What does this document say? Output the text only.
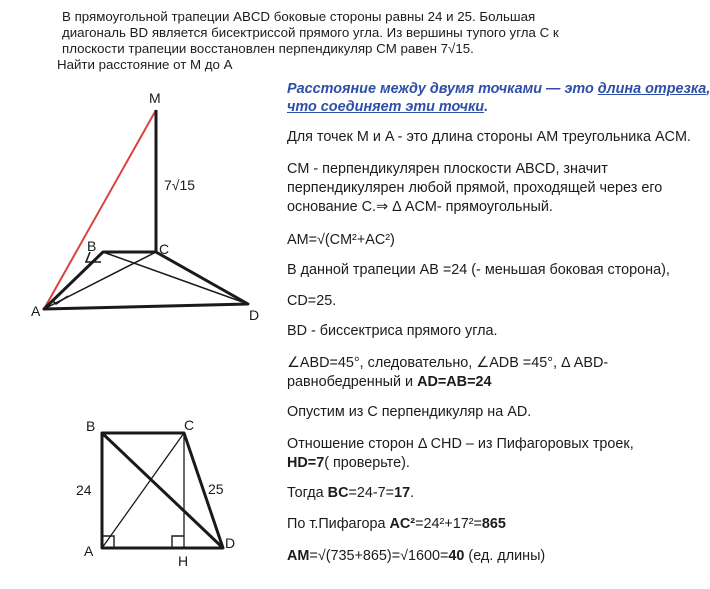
В прямоугольной трапеции ABCD боковые стороны равны 24 и 25. Большая
диагональ BD является бисектриссой прямого угла. Из вершины тупого угла C к
плоскости трапеции восстановлен перпендикуляр CM равен 7√15.
Найти расстояние от M до A
M
B	C
A	D
7√15
Расстояние между двумя точками — это длина отрезка,
что соединяет эти точки.
Для точек M и A - это длина стороны AM треугольника ACM.
CM - перпендикулярен плоскости ABCD, значит
перпендикулярен любой прямой, проходящей через его
основание C.⇒ Δ ACM- прямоугольный.
AM=√(CM²+AC²)
В данной трапеции AB =24 (- меньшая боковая сторона),
CD=25.
BD - биссектриса прямого угла.
∠ABD=45°, следовательно, ∠ADB =45°, Δ ABD-
равнобедренный и AD=AB=24
Опустим из C перпендикуляр на AD.
Отношение сторон Δ CHD – из Пифагоровых троек,
HD=7( проверьте).
Тогда BC=24-7=17.
По т.Пифагора AC²=24²+17²=865
AM=√(735+865)=√1600=40 (ед. длины)
B	C
A	D
H
24	25
